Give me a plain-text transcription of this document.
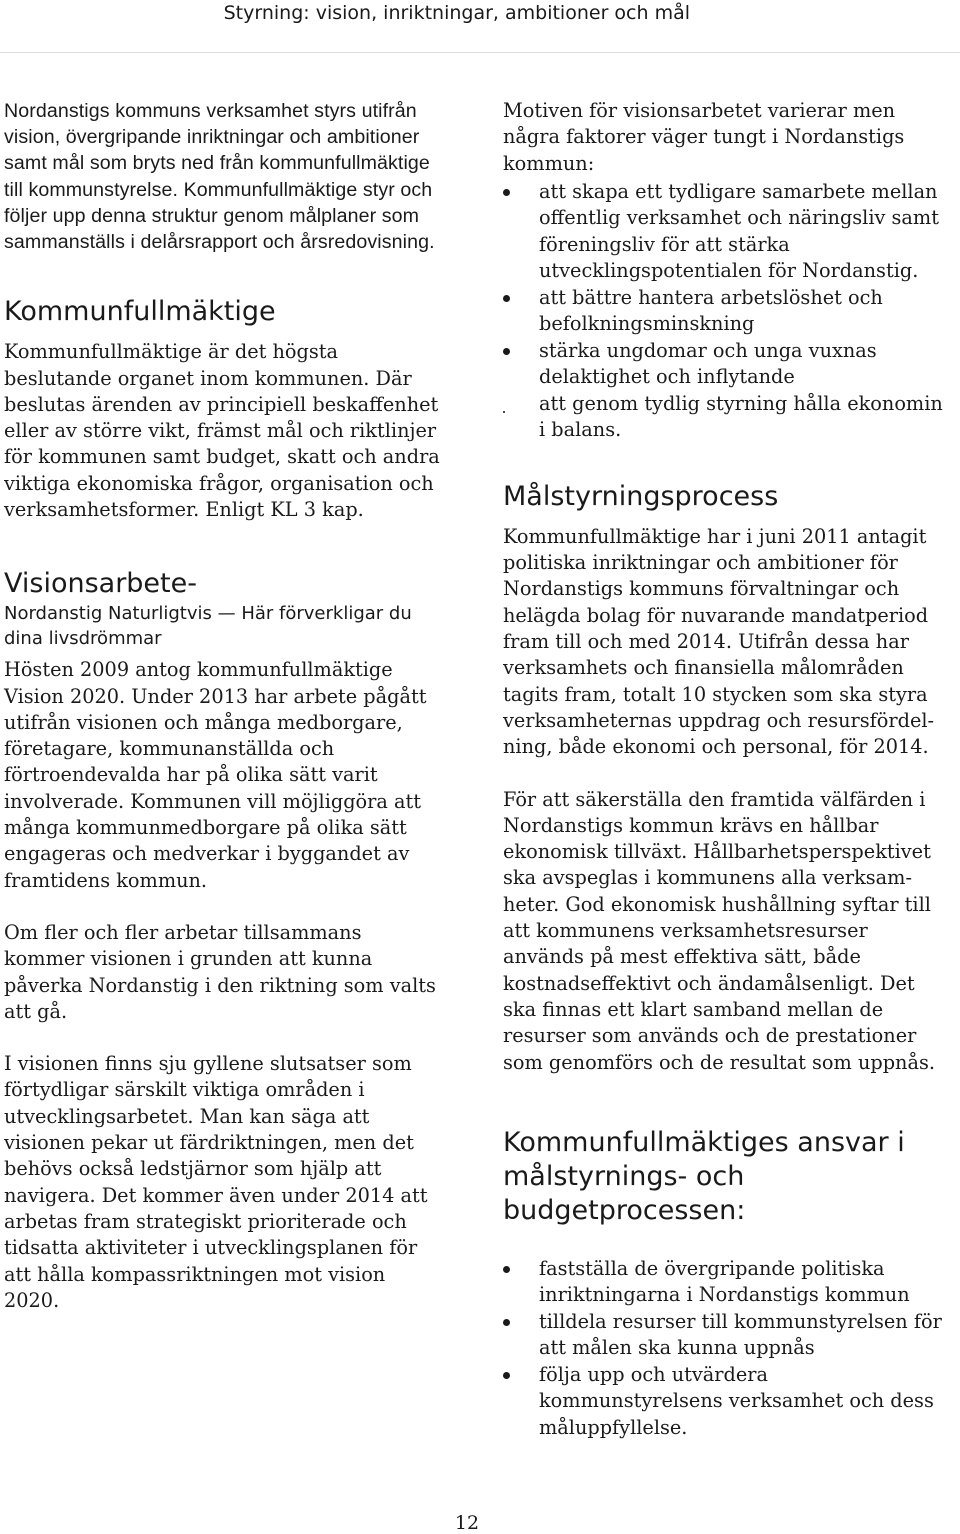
Styrning: vision, inriktningar, ambitioner och mål

Nordanstigs kommuns verksamhet styrs utifrån vision, övergripande inriktningar och ambitioner samt mål som bryts ned från kommunfullmäktige till kommunstyrelse. Kommunfullmäktige styr och följer upp denna struktur genom målplaner som sammanställs i delårsrapport och årsredovisning.

Kommunfullmäktige

Kommunfullmäktige är det högsta beslutande organet inom kommunen. Där beslutas ärenden av principiell beskaffenhet eller av större vikt, främst mål och riktlinjer för kommunen samt budget, skatt och andra viktiga ekonomiska frågor, organisation och verksamhetsformer. Enligt KL 3 kap.

Visionsarbete-
Nordanstig Naturligtvis — Här förverkligar du dina livsdrömmar

Hösten 2009 antog kommunfullmäktige Vision 2020. Under 2013 har arbete pågått utifrån visionen och många medborgare, företagare, kommunanställda och förtroendevalda har på olika sätt varit involverade. Kommunen vill möjliggöra att många kommunmedborgare på olika sätt engageras och medverkar i byggandet av framtidens kommun.

Om fler och fler arbetar tillsammans kommer visionen i grunden att kunna påverka Nordanstig i den riktning som valts att gå.

I visionen finns sju gyllene slutsatser som förtydligar särskilt viktiga områden i utvecklingsarbetet. Man kan säga att visionen pekar ut färdriktningen, men det behövs också ledstjärnor som hjälp att navigera. Det kommer även under 2014 att arbetas fram strategiskt prioriterade och tidsatta aktiviteter i utvecklingsplanen för att hålla kompassriktningen mot vision 2020.

Motiven för visionsarbetet varierar men några faktorer väger tungt i Nordanstigs kommun:

att skapa ett tydligare samarbete mellan offentlig verksamhet och näringsliv samt föreningsliv för att stärka utvecklingspotentialen för Nordanstig.
att bättre hantera arbetslöshet och befolkningsminskning
stärka ungdomar och unga vuxnas delaktighet och inflytande
att genom tydlig styrning hålla ekonomin i balans.
Målstyrningsprocess

Kommunfullmäktige har i juni 2011 antagit politiska inriktningar och ambitioner för Nordanstigs kommuns förvaltningar och helägda bolag för nuvarande mandatperiod fram till och med 2014. Utifrån dessa har verksamhets och finansiella målområden tagits fram, totalt 10 stycken som ska styra verksamheternas uppdrag och resursfördelning, både ekonomi och personal, för 2014.

För att säkerställa den framtida välfärden i Nordanstigs kommun krävs en hållbar ekonomisk tillväxt. Hållbarhetsperspektivet ska avspeglas i kommunens alla verksamheter. God ekonomisk hushållning syftar till att kommunens verksamhetsresurser används på mest effektiva sätt, både kostnadseffektivt och ändamålsenligt. Det ska finnas ett klart samband mellan de resurser som används och de prestationer som genomförs och de resultat som uppnås.

Kommunfullmäktiges ansvar i målstyrnings- och budgetprocessen:
fastställa de övergripande politiska inriktningarna i Nordanstigs kommun
tilldela resurser till kommunstyrelsen för att målen ska kunna uppnås
följa upp och utvärdera kommunstyrelsens verksamhet och dess måluppfyllelse.
12
